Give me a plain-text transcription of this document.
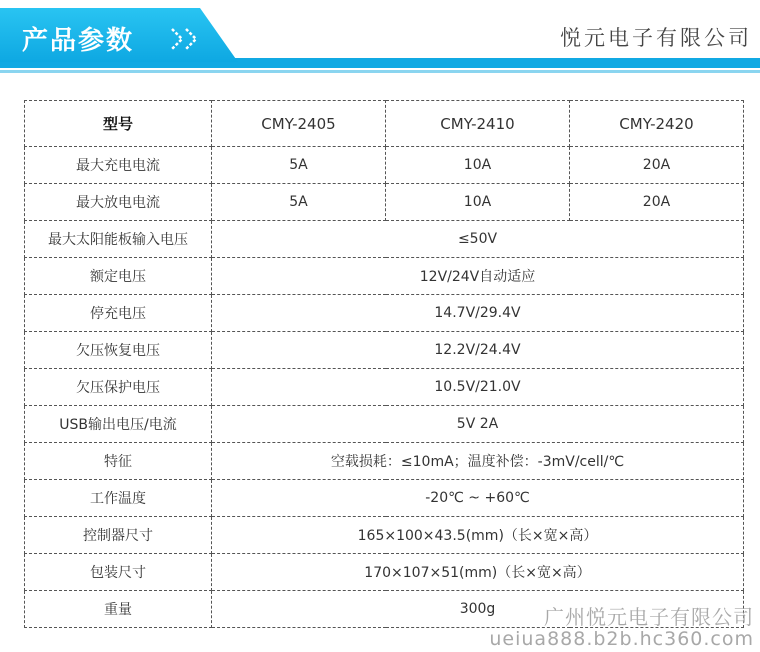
产品参数	悦元电子有限公司
型号	CMY-2405	CMY-2410	CMY-2420
最大充电电流	5A	10A	20A
最大放电电流	5A	10A	20A
最大太阳能板输入电压	≤50V		
额定电压	12V/24V自动适应		
停充电压	14.7V/29.4V		
欠压恢复电压	12.2V/24.4V		
欠压保护电压	10.5V/21.0V		
USB输出电压/电流	5V 2A		
特征	空载损耗：≤10mA；温度补偿：-3mV/cell/℃		
工作温度	-20℃ ~ +60℃		
控制器尺寸	165×100×43.5(mm)（长×宽×高）		
包装尺寸	170×107×51(mm)（长×宽×高）		
重量	300g			广州悦元电子有限公司
ueiua888.b2b.hc360.com
